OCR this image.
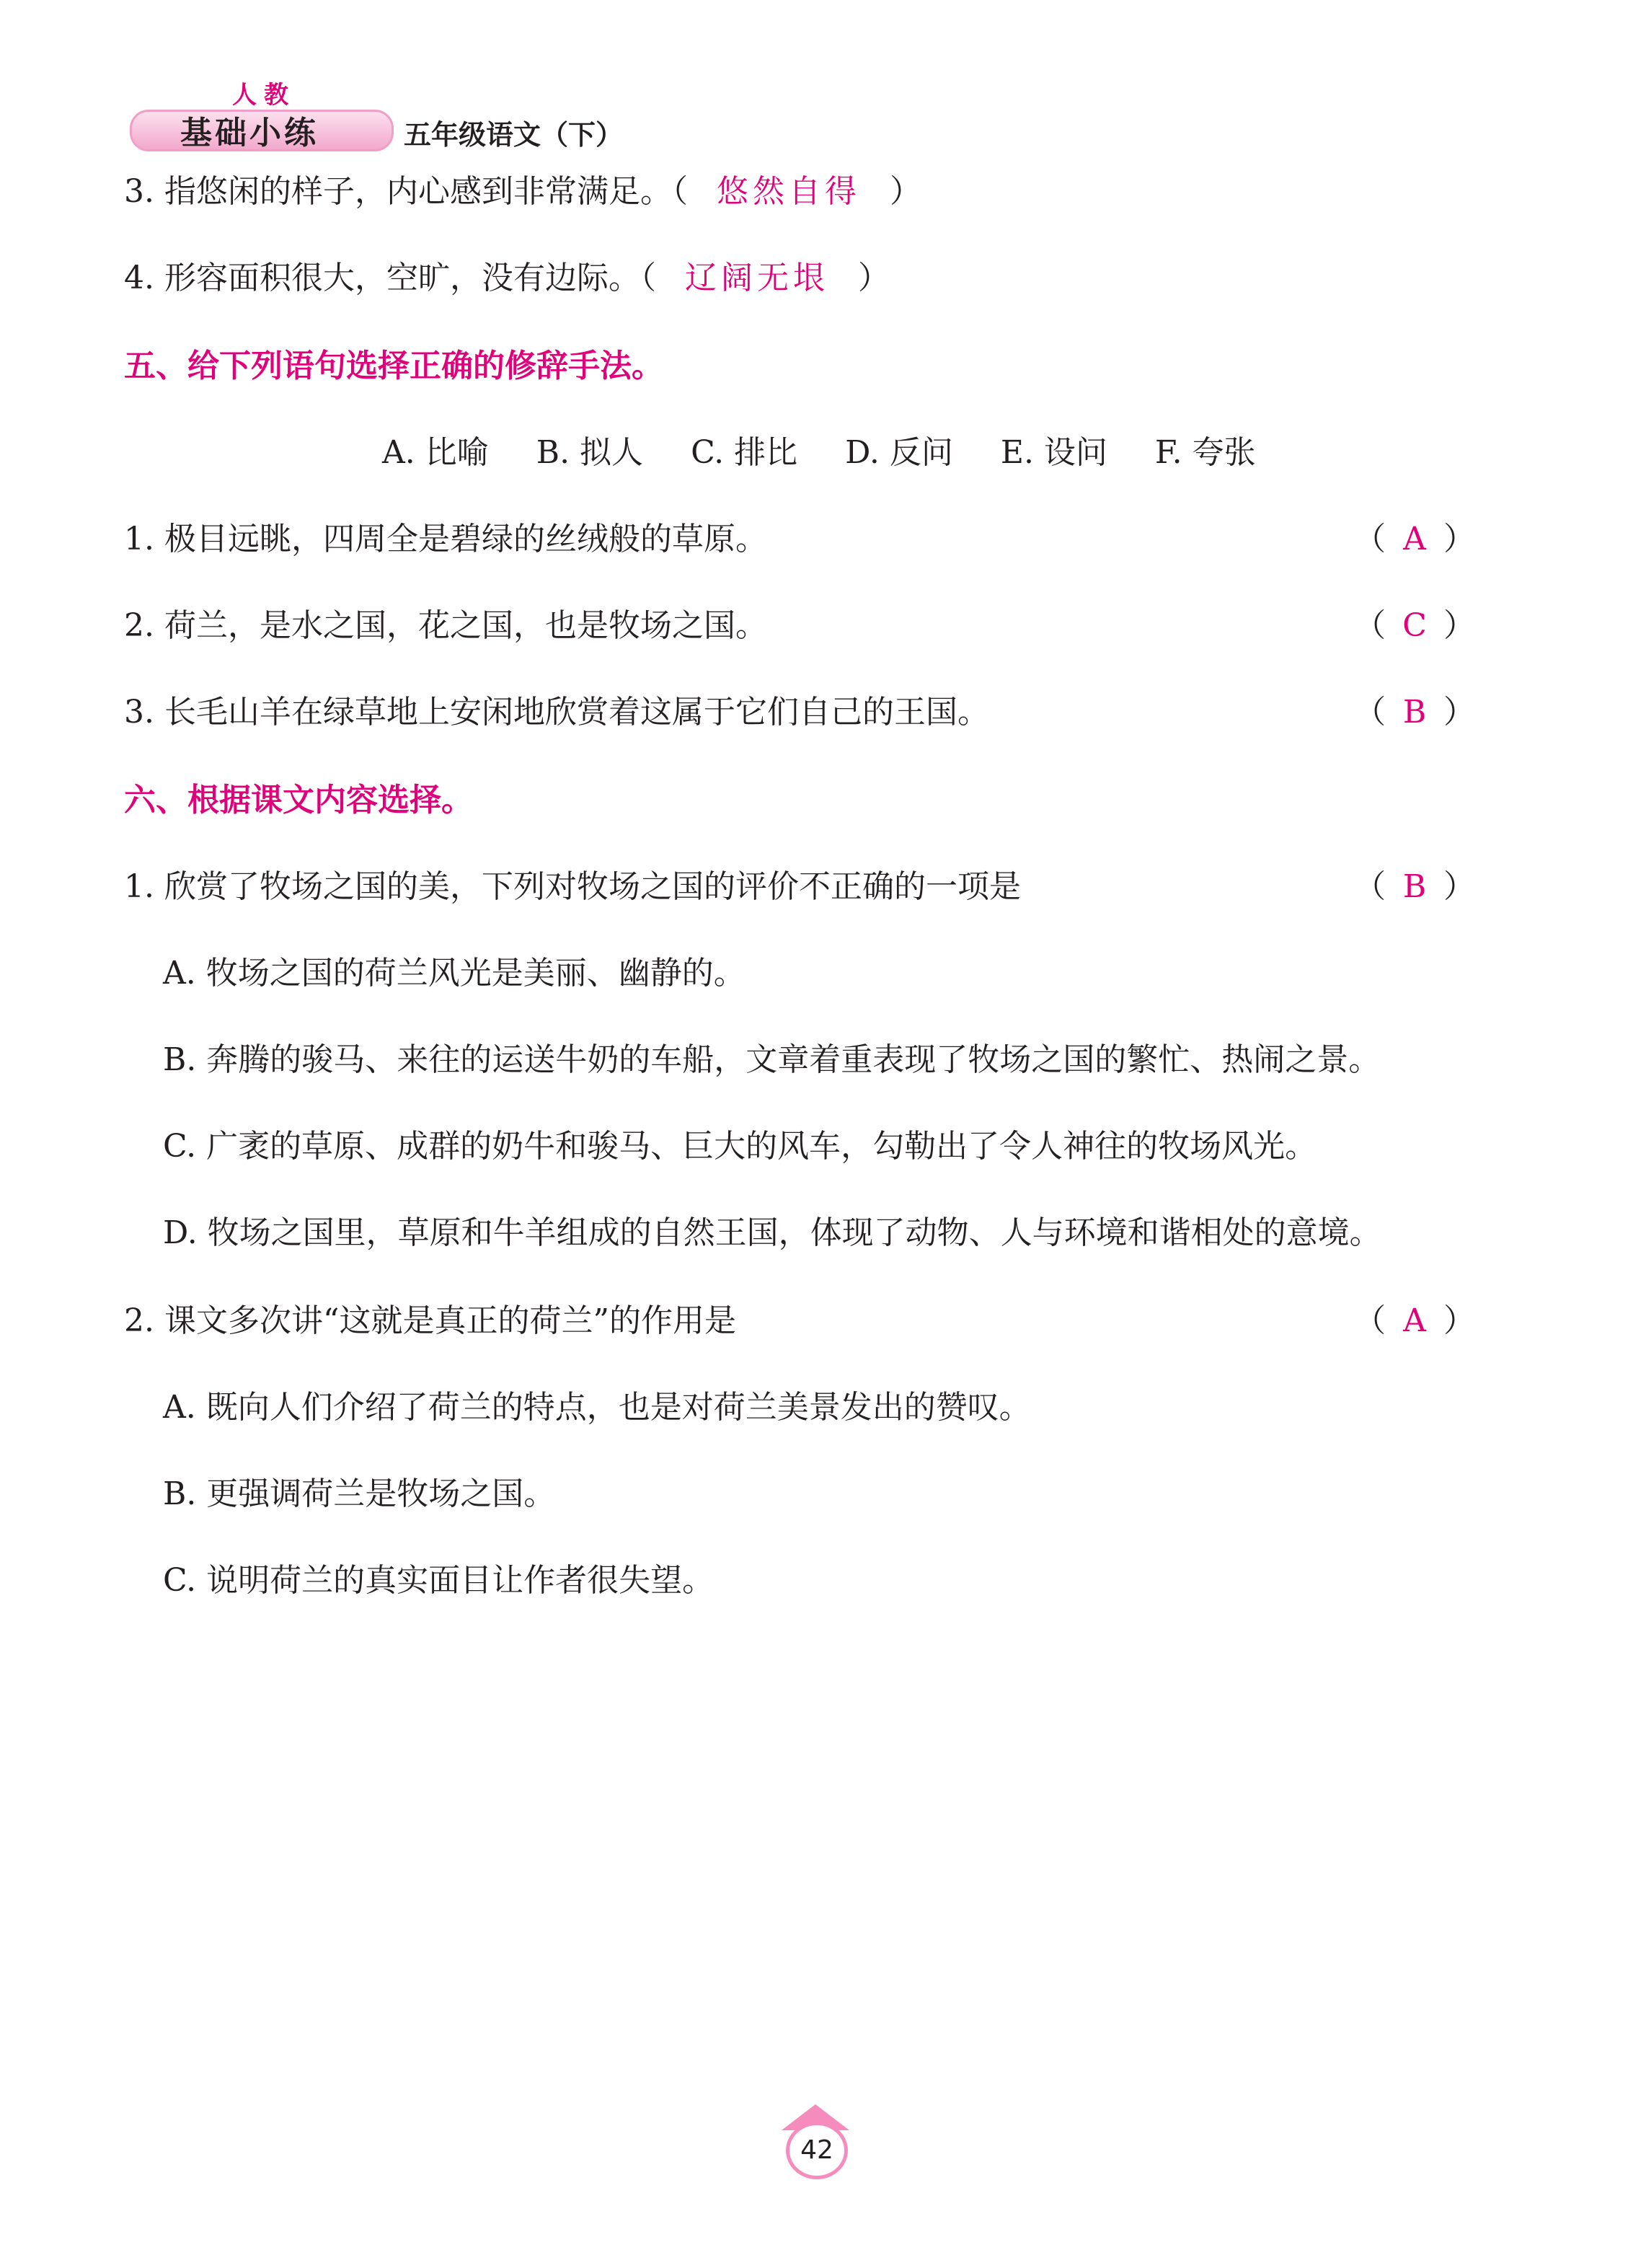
人教
基础小练	五年级语文（下）
3. 指悠闲的样子，内心感到非常满足。（ 悠然自得 ）
4. 形容面积很大，空旷，没有边际。（ 辽阔无垠 ）
五、给下列语句选择正确的修辞手法。
A. 比喻 B. 拟人 C. 排比 D. 反问 E. 设问 F. 夸张
1. 极目远眺，四周全是碧绿的丝绒般的草原。	（ A ）
2. 荷兰，是水之国，花之国，也是牧场之国。	（ C ）
3. 长毛山羊在绿草地上安闲地欣赏着这属于它们自己的王国。	（ B ）
六、根据课文内容选择。
1. 欣赏了牧场之国的美，下列对牧场之国的评价不正确的一项是	（ B ）
A. 牧场之国的荷兰风光是美丽、幽静的。
B. 奔腾的骏马、来往的运送牛奶的车船，文章着重表现了牧场之国的繁忙、热闹之景。
C. 广袤的草原、成群的奶牛和骏马、巨大的风车，勾勒出了令人神往的牧场风光。
D. 牧场之国里，草原和牛羊组成的自然王国，体现了动物、人与环境和谐相处的意境。
2. 课文多次讲“这就是真正的荷兰”的作用是	（ A ）
A. 既向人们介绍了荷兰的特点，也是对荷兰美景发出的赞叹。
B. 更强调荷兰是牧场之国。
C. 说明荷兰的真实面目让作者很失望。
42
